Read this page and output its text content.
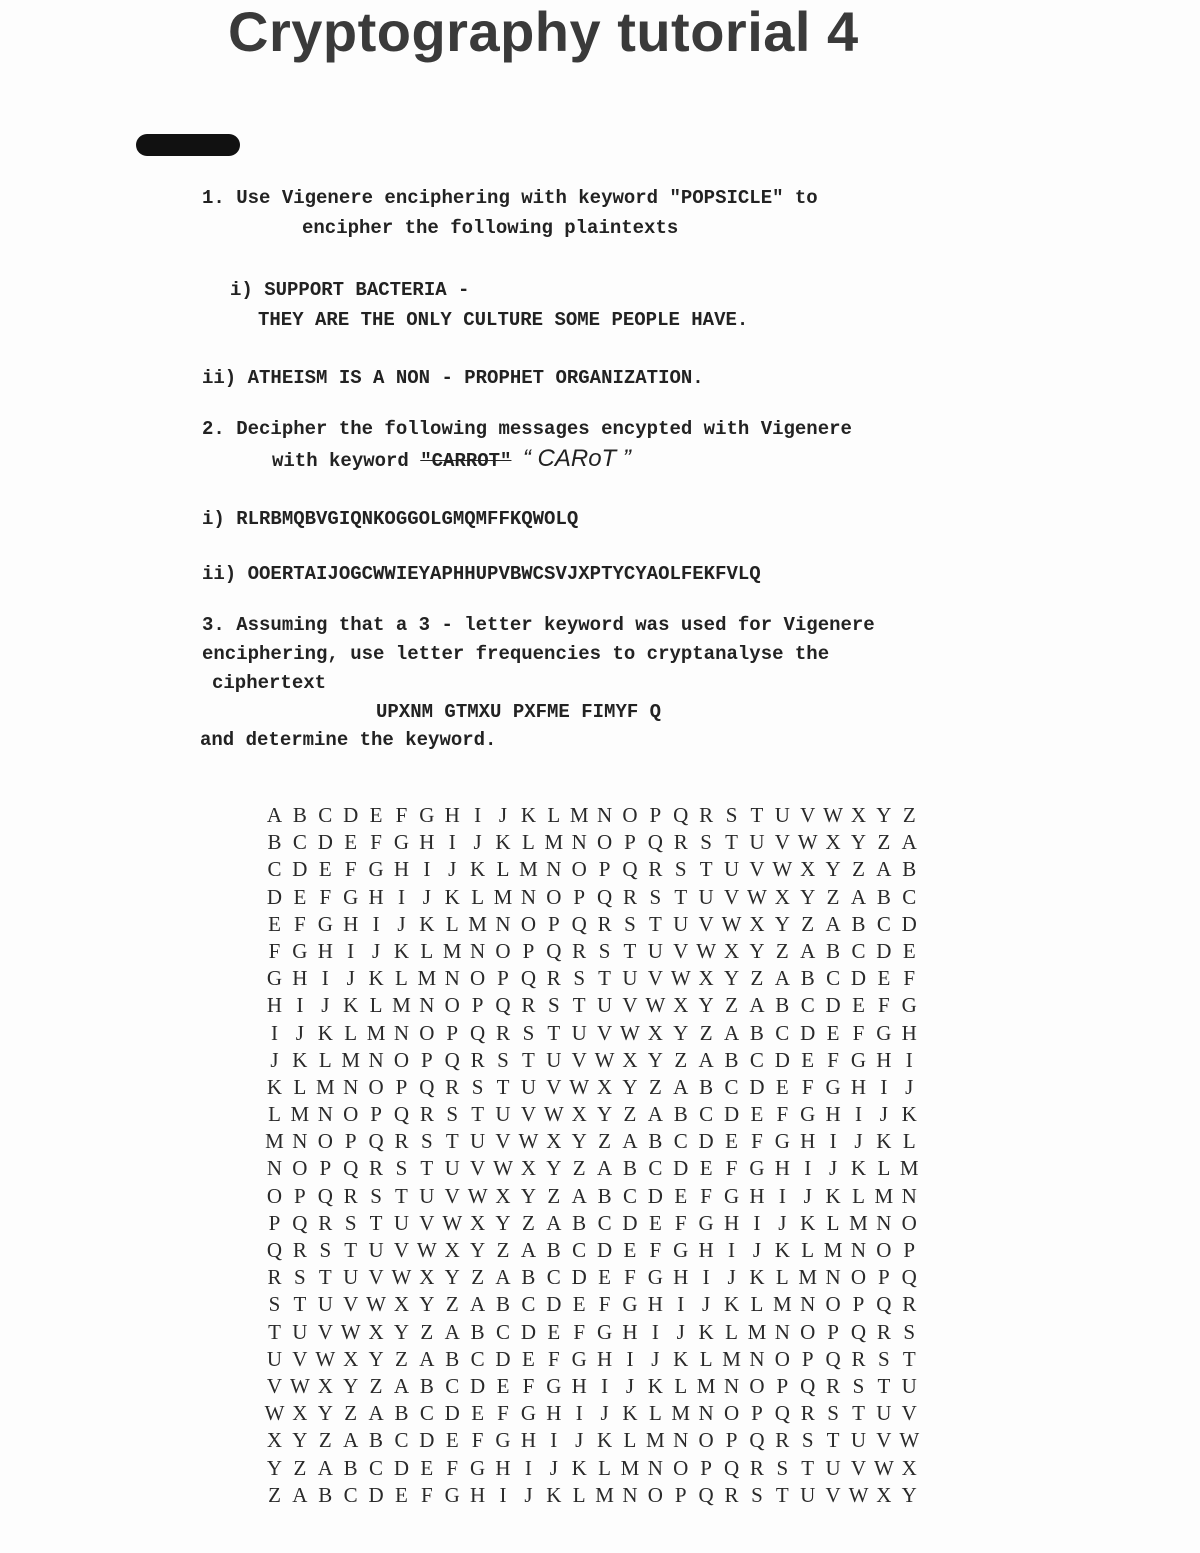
Cryptography tutorial 4
1. Use Vigenere enciphering with keyword "POPSICLE" to
encipher the following plaintexts
i) SUPPORT BACTERIA -
THEY ARE THE ONLY CULTURE SOME PEOPLE HAVE.
ii) ATHEISM IS A NON - PROPHET ORGANIZATION.
2. Decipher the following messages encypted with Vigenere
with keyword "CARROT" “ CARoT ”
i) RLRBMQBVGIQNKOGGOLGMQMFFKQWOLQ
ii) OOERTAIJOGCWWIEYAPHHUPVBWCSVJXPTYCYAOLFEKFVLQ
3. Assuming that a 3 - letter keyword was used for Vigenere
enciphering, use letter frequencies to cryptanalyse the
ciphertext
UPXNM GTMXU PXFME FIMYF Q
and determine the keyword.
A B C D E F G H I J K L M N O P Q R S T U V W X Y Z
B C D E F G H I J K L M N O P Q R S T U V W X Y Z A
C D E F G H I J K L M N O P Q R S T U V W X Y Z A B
D E F G H I J K L M N O P Q R S T U V W X Y Z A B C
E F G H I J K L M N O P Q R S T U V W X Y Z A B C D
F G H I J K L M N O P Q R S T U V W X Y Z A B C D E
G H I J K L M N O P Q R S T U V W X Y Z A B C D E F
H I J K L M N O P Q R S T U V W X Y Z A B C D E F G
I J K L M N O P Q R S T U V W X Y Z A B C D E F G H
J K L M N O P Q R S T U V W X Y Z A B C D E F G H I
K L M N O P Q R S T U V W X Y Z A B C D E F G H I J
L M N O P Q R S T U V W X Y Z A B C D E F G H I J K
M N O P Q R S T U V W X Y Z A B C D E F G H I J K L
N O P Q R S T U V W X Y Z A B C D E F G H I J K L M
O P Q R S T U V W X Y Z A B C D E F G H I J K L M N
P Q R S T U V W X Y Z A B C D E F G H I J K L M N O
Q R S T U V W X Y Z A B C D E F G H I J K L M N O P
R S T U V W X Y Z A B C D E F G H I J K L M N O P Q
S T U V W X Y Z A B C D E F G H I J K L M N O P Q R
T U V W X Y Z A B C D E F G H I J K L M N O P Q R S
U V W X Y Z A B C D E F G H I J K L M N O P Q R S T
V W X Y Z A B C D E F G H I J K L M N O P Q R S T U
W X Y Z A B C D E F G H I J K L M N O P Q R S T U V
X Y Z A B C D E F G H I J K L M N O P Q R S T U V W
Y Z A B C D E F G H I J K L M N O P Q R S T U V W X
Z A B C D E F G H I J K L M N O P Q R S T U V W X Y
